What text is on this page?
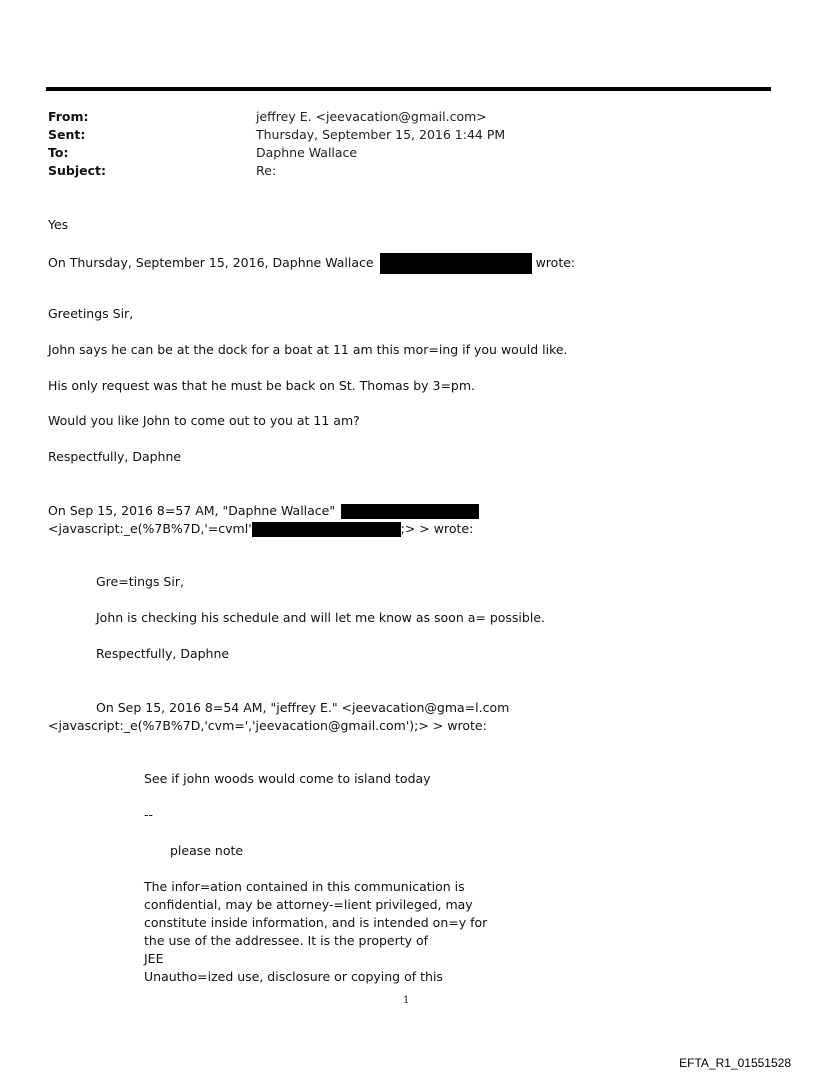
From:	jeffrey E. <jeevacation@gmail.com>
Sent:	Thursday, September 15, 2016 1:44 PM
To:	Daphne Wallace
Subject:	Re:
Yes
On Thursday, September 15, 2016, Daphne Wallace	wrote:
Greetings Sir,
John says he can be at the dock for a boat at 11 am this mor=ing if you would like.
His only request was that he must be back on St. Thomas by 3=pm.
Would you like John to come out to you at 11 am?
Respectfully, Daphne
On Sep 15, 2016 8=57 AM, "Daphne Wallace"
<javascript:_e(%7B%7D,'=cvml'	;> > wrote:
Gre=tings Sir,
John is checking his schedule and will let me know as soon a= possible.
Respectfully, Daphne
On Sep 15, 2016 8=54 AM, "jeffrey E." <jeevacation@gma=l.com
<javascript:_e(%7B%7D,'cvm=','jeevacation@gmail.com');> > wrote:
See if john woods would come to island today
--
please note
The infor=ation contained in this communication is
confidential, may be attorney-=lient privileged, may
constitute inside information, and is intended on=y for
the use of the addressee. It is the property of
JEE
Unautho=ized use, disclosure or copying of this
1
EFTA_R1_01551528
